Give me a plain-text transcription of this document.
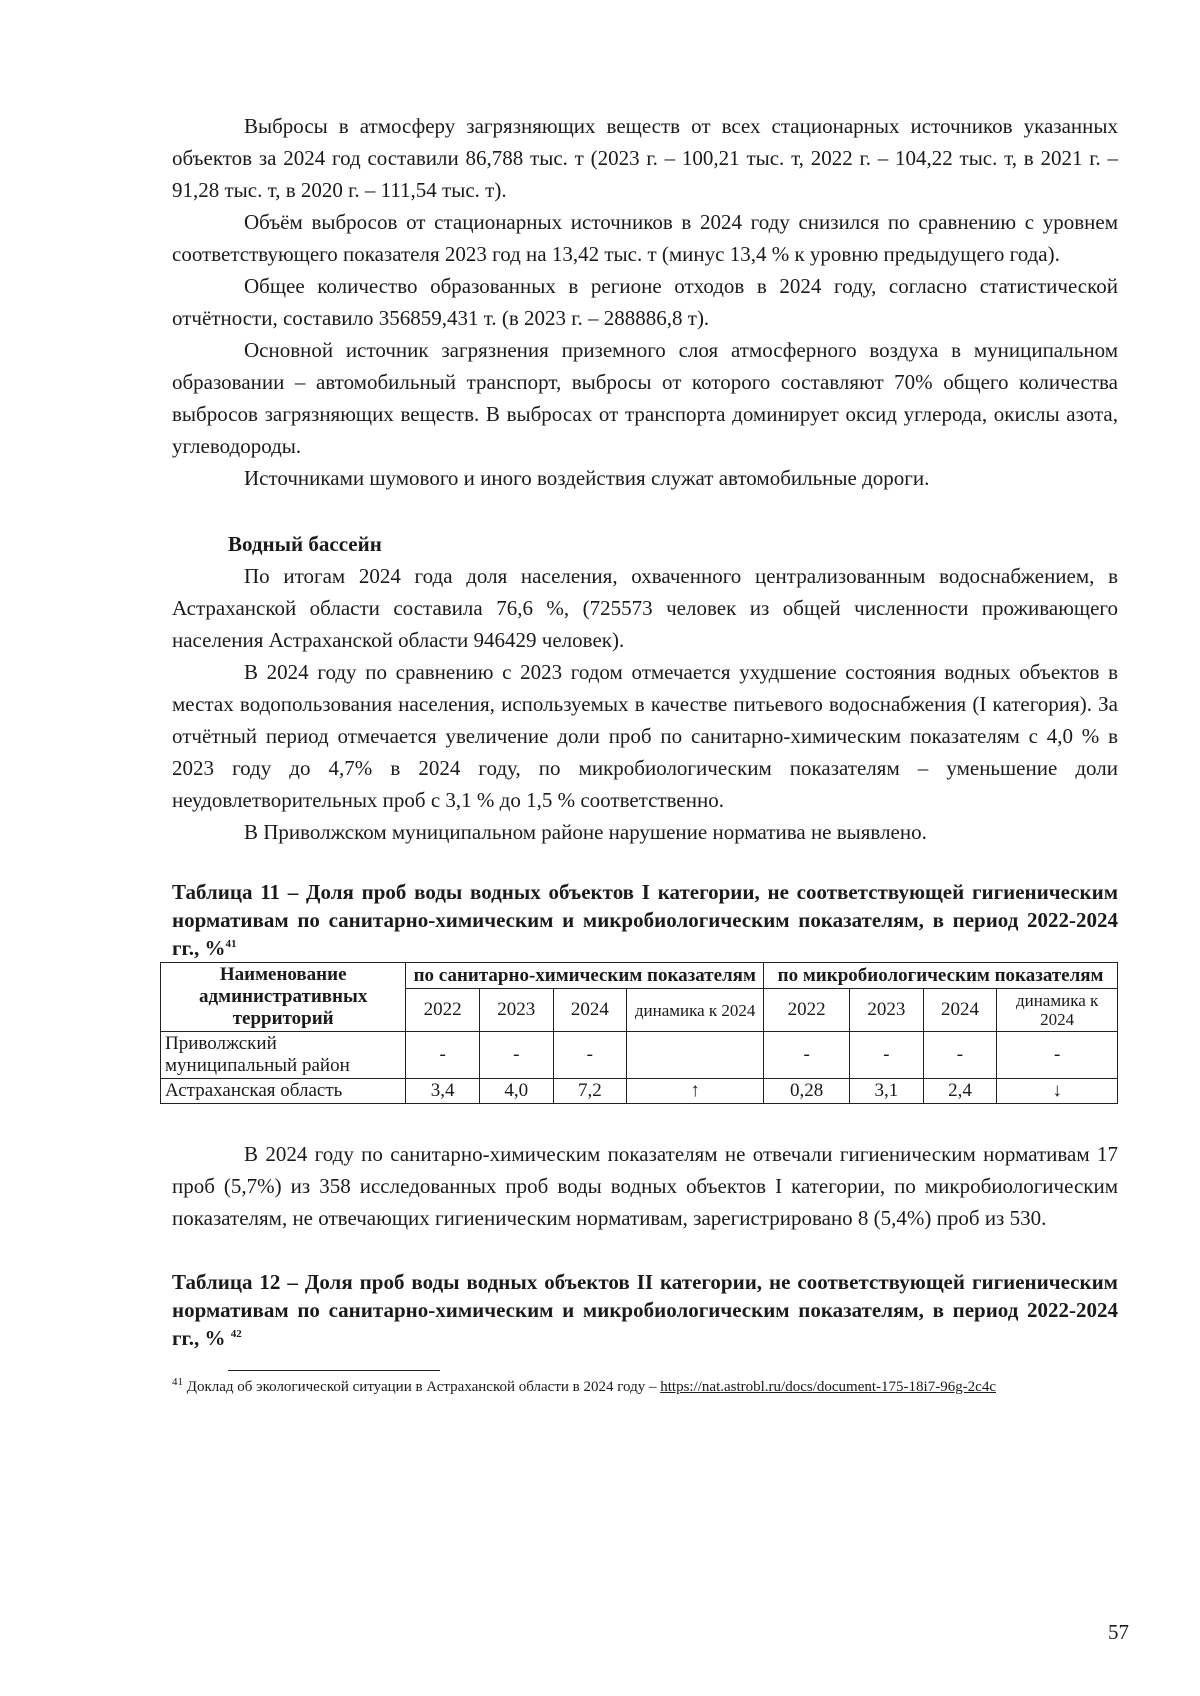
Выбросы в атмосферу загрязняющих веществ от всех стационарных источников указанных объектов за 2024 год составили 86,788 тыс. т (2023 г. – 100,21 тыс. т, 2022 г. – 104,22 тыс. т, в 2021 г. – 91,28 тыс. т, в 2020 г. – 111,54 тыс. т).

Объём выбросов от стационарных источников в 2024 году снизился по сравнению с уровнем соответствующего показателя 2023 год на 13,42 тыс. т (минус 13,4 % к уровню предыдущего года).

Общее количество образованных в регионе отходов в 2024 году, согласно статистической отчётности, составило 356859,431 т. (в 2023 г. – 288886,8 т).

Основной источник загрязнения приземного слоя атмосферного воздуха в муниципальном образовании – автомобильный транспорт, выбросы от которого составляют 70% общего количества выбросов загрязняющих веществ. В выбросах от транспорта доминирует оксид углерода, окислы азота, углеводороды.

Источниками шумового и иного воздействия служат автомобильные дороги.

Водный бассейн

По итогам 2024 года доля населения, охваченного централизованным водоснабжением, в Астраханской области составила 76,6 %, (725573 человек из общей численности проживающего населения Астраханской области 946429 человек).

В 2024 году по сравнению с 2023 годом отмечается ухудшение состояния водных объектов в местах водопользования населения, используемых в качестве питьевого водоснабжения (I категория). За отчётный период отмечается увеличение доли проб по санитарно-химическим показателям с 4,0 % в 2023 году до 4,7% в 2024 году, по микробиологическим показателям – уменьшение доли неудовлетворительных проб с 3,1 % до 1,5 % соответственно.

В Приволжском муниципальном районе нарушение норматива не выявлено.

Таблица 11 – Доля проб воды водных объектов I категории, не соответствующей гигиеническим нормативам по санитарно-химическим и микробиологическим показателям, в период 2022-2024 гг., %$^{41}$

Наименование административных территорий	по санитарно-химическим показателям				по микробиологическим показателям			
	2022	2023	2024	динамика к 2024	2022	2023	2024	динамика к 2024
Приволжский муниципальный район	-	-	-		-	-	-	-
Астраханская область	3,4	4,0	7,2	↑	0,28	3,1	2,4	↓

В 2024 году по санитарно-химическим показателям не отвечали гигиеническим нормативам 17 проб (5,7%) из 358 исследованных проб воды водных объектов I категории, по микробиологическим показателям, не отвечающих гигиеническим нормативам, зарегистрировано 8 (5,4%) проб из 530.

Таблица 12 – Доля проб воды водных объектов II категории, не соответствующей гигиеническим нормативам по санитарно-химическим и микробиологическим показателям, в период 2022-2024 гг., % $^{42}$

$^{41}$ Доклад об экологической ситуации в Астраханской области в 2024 году – https://nat.astrobl.ru/docs/document-175-18i7-96g-2c4c

57
